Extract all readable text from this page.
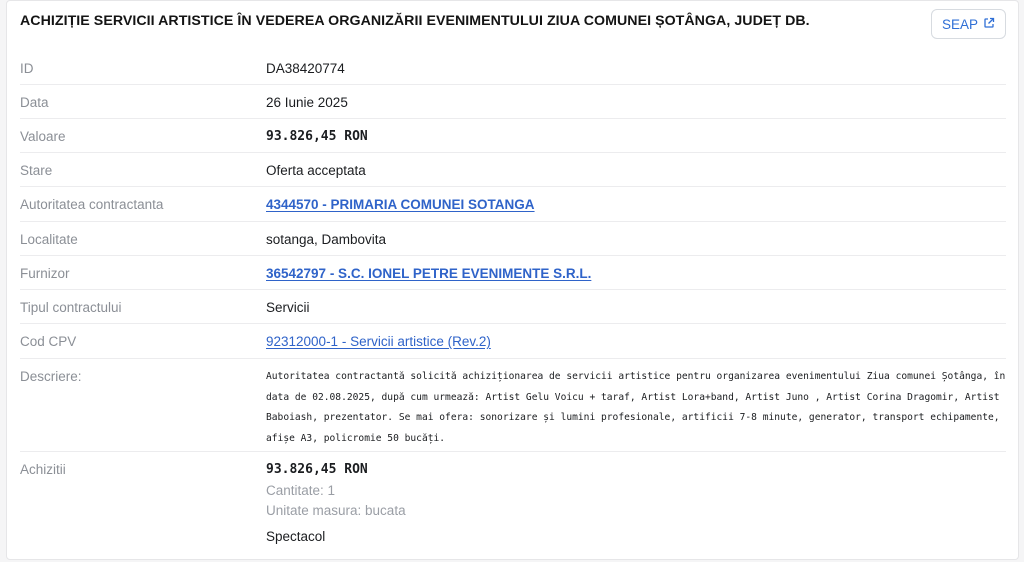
ACHIZIȚIE SERVICII ARTISTICE ÎN VEDEREA ORGANIZĂRII EVENIMENTULUI ZIUA COMUNEI ȘOTÂNGA, JUDEȚ DB.	SEAP
ID	DA38420774
Data	26 Iunie 2025
Valoare	93.826,45 RON
Stare	Oferta acceptata
Autoritatea contractanta	4344570 - PRIMARIA COMUNEI SOTANGA
Localitate	sotanga, Dambovita
Furnizor	36542797 - S.C. IONEL PETRE EVENIMENTE S.R.L.
Tipul contractului	Servicii
Cod CPV	92312000-1 - Servicii artistice (Rev.2)
Descriere:	Autoritatea contractantă solicită achiziționarea de servicii artistice pentru organizarea evenimentului Ziua comunei Șotânga, în data de 02.08.2025, după cum urmează: Artist Gelu Voicu + taraf, Artist Lora+band, Artist Juno , Artist Corina Dragomir, Artist Baboiash, prezentator. Se mai ofera: sonorizare și lumini profesionale, artificii 7-8 minute, generator, transport echipamente, afișe A3, policromie 50 bucăți.
Achizitii	93.826,45 RON
Cantitate: 1
Unitate masura: bucata
Spectacol
